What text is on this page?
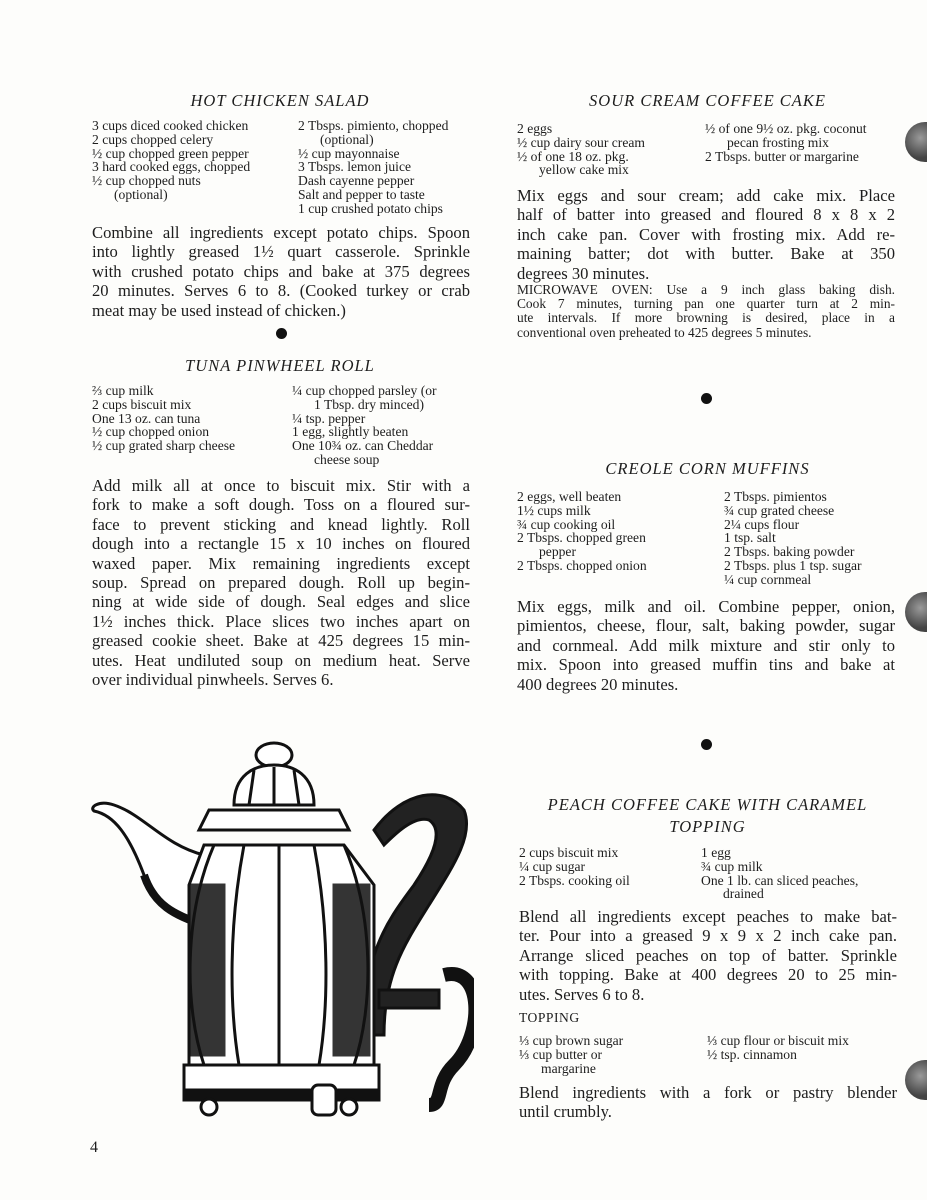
HOT CHICKEN SALAD
3 cups diced cooked chicken
2 cups chopped celery
½ cup chopped green pepper
3 hard cooked eggs, chopped
½ cup chopped nuts
(optional)
2 Tbsps. pimiento, chopped
(optional)
½ cup mayonnaise
3 Tbsps. lemon juice
Dash cayenne pepper
Salt and pepper to taste
1 cup crushed potato chips
Combine all ingredients except potato chips. Spoon
into lightly greased 1½ quart casserole. Sprinkle
with crushed potato chips and bake at 375 degrees
20 minutes. Serves 6 to 8. (Cooked turkey or crab
meat may be used instead of chicken.)
TUNA PINWHEEL ROLL
⅔ cup milk
2 cups biscuit mix
One 13 oz. can tuna
½ cup chopped onion
½ cup grated sharp cheese
¼ cup chopped parsley (or
1 Tbsp. dry minced)
¼ tsp. pepper
1 egg, slightly beaten
One 10¾ oz. can Cheddar
cheese soup
Add milk all at once to biscuit mix. Stir with a
fork to make a soft dough. Toss on a floured sur-
face to prevent sticking and knead lightly. Roll
dough into a rectangle 15 x 10 inches on floured
waxed paper. Mix remaining ingredients except
soup. Spread on prepared dough. Roll up begin-
ning at wide side of dough. Seal edges and slice
1½ inches thick. Place slices two inches apart on
greased cookie sheet. Bake at 425 degrees 15 min-
utes. Heat undiluted soup on medium heat. Serve
over individual pinwheels. Serves 6.
4
SOUR CREAM COFFEE CAKE
2 eggs
½ cup dairy sour cream
½ of one 18 oz. pkg.
yellow cake mix
½ of one 9½ oz. pkg. coconut
pecan frosting mix
2 Tbsps. butter or margarine
Mix eggs and sour cream; add cake mix. Place
half of batter into greased and floured 8 x 8 x 2
inch cake pan. Cover with frosting mix. Add re-
maining batter; dot with butter. Bake at 350
degrees 30 minutes.
MICROWAVE OVEN: Use a 9 inch glass baking dish.
Cook 7 minutes, turning pan one quarter turn at 2 min-
ute intervals. If more browning is desired, place in a
conventional oven preheated to 425 degrees 5 minutes.
CREOLE CORN MUFFINS
2 eggs, well beaten
1½ cups milk
¾ cup cooking oil
2 Tbsps. chopped green
pepper
2 Tbsps. chopped onion
2 Tbsps. pimientos
¾ cup grated cheese
2¼ cups flour
1 tsp. salt
2 Tbsps. baking powder
2 Tbsps. plus 1 tsp. sugar
¼ cup cornmeal
Mix eggs, milk and oil. Combine pepper, onion,
pimientos, cheese, flour, salt, baking powder, sugar
and cornmeal. Add milk mixture and stir only to
mix. Spoon into greased muffin tins and bake at
400 degrees 20 minutes.
PEACH COFFEE CAKE WITH CARAMEL
TOPPING
2 cups biscuit mix
¼ cup sugar
2 Tbsps. cooking oil
1 egg
¾ cup milk
One 1 lb. can sliced peaches,
drained
Blend all ingredients except peaches to make bat-
ter. Pour into a greased 9 x 9 x 2 inch cake pan.
Arrange sliced peaches on top of batter. Sprinkle
with topping. Bake at 400 degrees 20 to 25 min-
utes. Serves 6 to 8.
TOPPING
⅓ cup brown sugar
⅓ cup butter or
margarine
⅓ cup flour or biscuit mix
½ tsp. cinnamon
Blend ingredients with a fork or pastry blender
until crumbly.
